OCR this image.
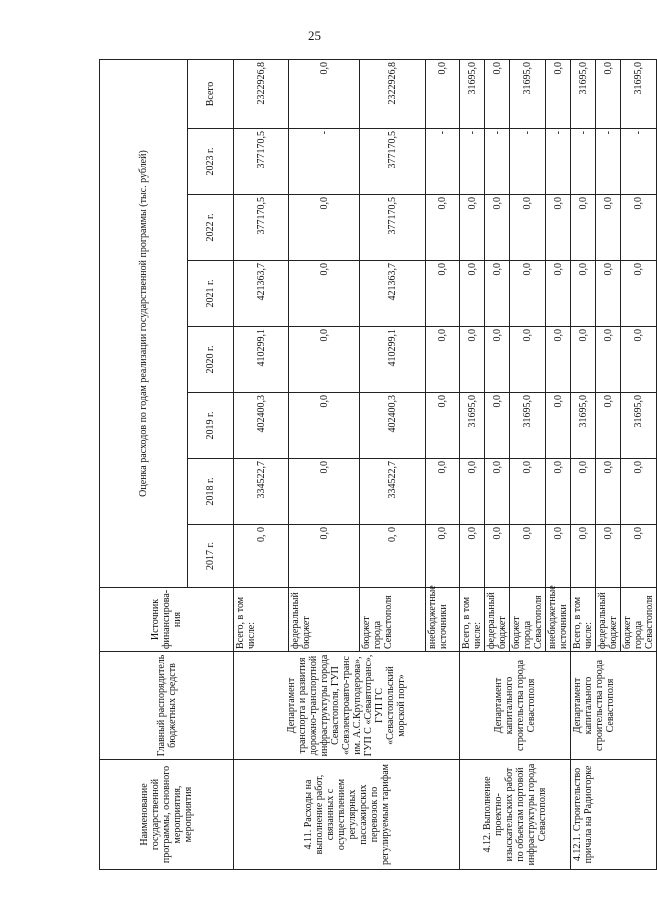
25
Наименование государственной программы, основного мероприятия, мероприятия	Главный распорядитель бюджетных средств	Источник финансирова-ния	Оценка расходов по годам реализации государственной программы (тыс. рублей)							
			2017 г.	2018 г.	2019 г.	2020 г.	2021 г.	2022 г.	2023 г.	Всего
4.11. Расходы на выполнение работ, связанных с осуществлением регулярных пассажирских перевозок по регулируемым тарифам	Департамент транспорта и развития дорожно-транспортной инфраструктуры города Севастополя, ГУП «Севэлектроавто-транс им. А.С.Круподерова», ГУП С «Севавтотранс», ГУП ГС «Севастопольский морской порт»	Всего, в том числе:	0, 0	334522,7	402400,3	410299,1	421363,7	377170,5	377170,5	2322926,8
		федеральный бюджет	0,0	0,0	0,0	0,0	0,0	0,0	-	0,0
		бюджет города Севастополя	0, 0	334522,7	402400,3	410299,1	421363,7	377170,5	377170,5	2322926,8
		внебюджетные источники	0,0	0,0	0,0	0,0	0,0	0,0	-	0,0
4.12. Выполнение проектно-изыскательских работ по объектам портовой инфраструктуры города Севастополя	Департамент капитального строительства города Севастополя	Всего, в том числе:	0,0	0,0	31695,0	0,0	0,0	0,0	-	31695,0
		федеральный бюджет	0,0	0,0	0,0	0,0	0,0	0,0	-	0,0
		бюджет города Севастополя	0,0	0,0	31695,0	0,0	0,0	0,0	-	31695,0
		внебюджетные источники	0,0	0,0	0,0	0,0	0,0	0,0	-	0,0
4.12.1. Строительство причала на Радиогорке	Департамент капитального строительства города Севастополя	Всего, в том числе:	0,0	0,0	31695,0	0,0	0,0	0,0	-	31695,0
		федеральный бюджет	0,0	0,0	0,0	0,0	0,0	0,0	-	0,0
		бюджет города Севастополя	0,0	0,0	31695,0	0,0	0,0	0,0	-	31695,0
